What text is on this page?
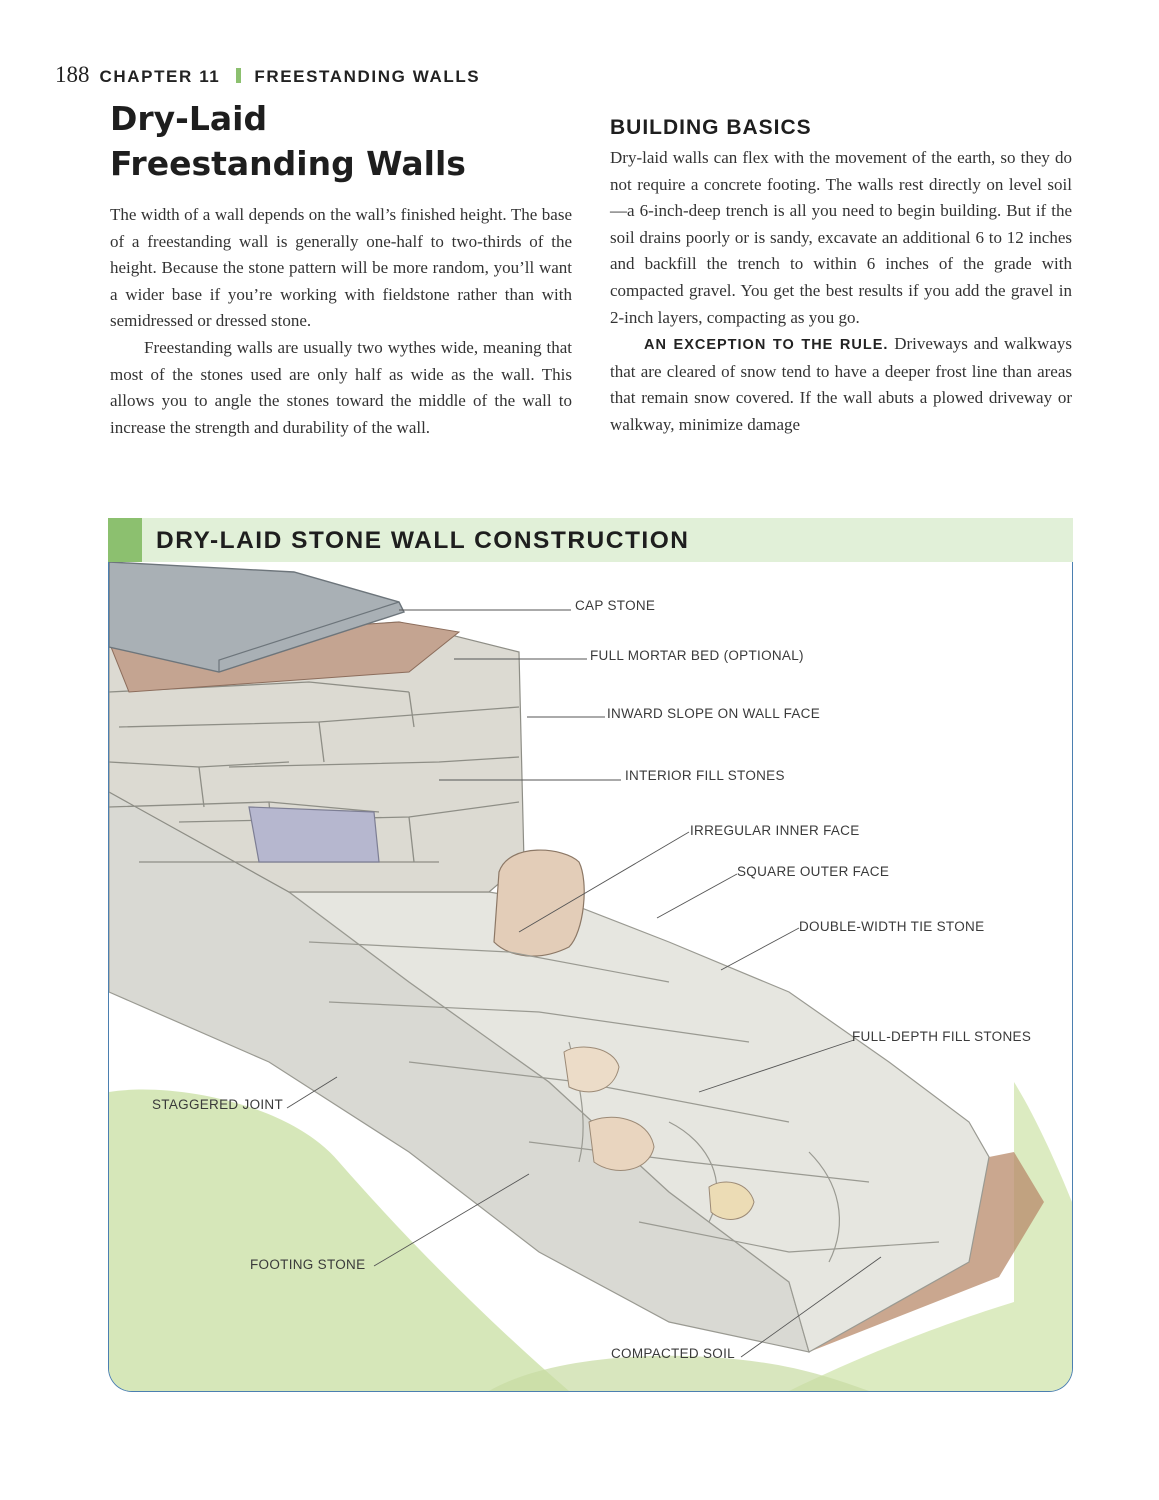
188 CHAPTER 11 FREESTANDING WALLS
Dry-Laid
Freestanding Walls

The width of a wall depends on the wall’s finished height. The base of a freestanding wall is generally one-half to two-thirds of the height. Because the stone pattern will be more random, you’ll want a wider base if you’re working with fieldstone rather than with semidressed or dressed stone.

Freestanding walls are usually two wythes wide, meaning that most of the stones used are only half as wide as the wall. This allows you to angle the stones toward the middle of the wall to increase the strength and durability of the wall.

BUILDING BASICS

Dry-laid walls can flex with the movement of the earth, so they do not require a concrete footing. The walls rest directly on level soil—a 6-inch-deep trench is all you need to begin building. But if the soil drains poorly or is sandy, excavate an additional 6 to 12 inches and backfill the trench to within 6 inches of the grade with compacted gravel. You get the best results if you add the gravel in 2-inch layers, compacting as you go.

AN EXCEPTION TO THE RULE. Driveways and walkways that are cleared of snow tend to have a deeper frost line than areas that remain snow covered. If the wall abuts a plowed driveway or walkway, minimize damage

DRY-LAID STONE WALL CONSTRUCTION
CAP STONE
FULL MORTAR BED (OPTIONAL)
INWARD SLOPE ON WALL FACE
INTERIOR FILL STONES
IRREGULAR INNER FACE
SQUARE OUTER FACE
DOUBLE-WIDTH TIE STONE
FULL-DEPTH FILL STONES
STAGGERED JOINT
FOOTING STONE
COMPACTED SOIL
